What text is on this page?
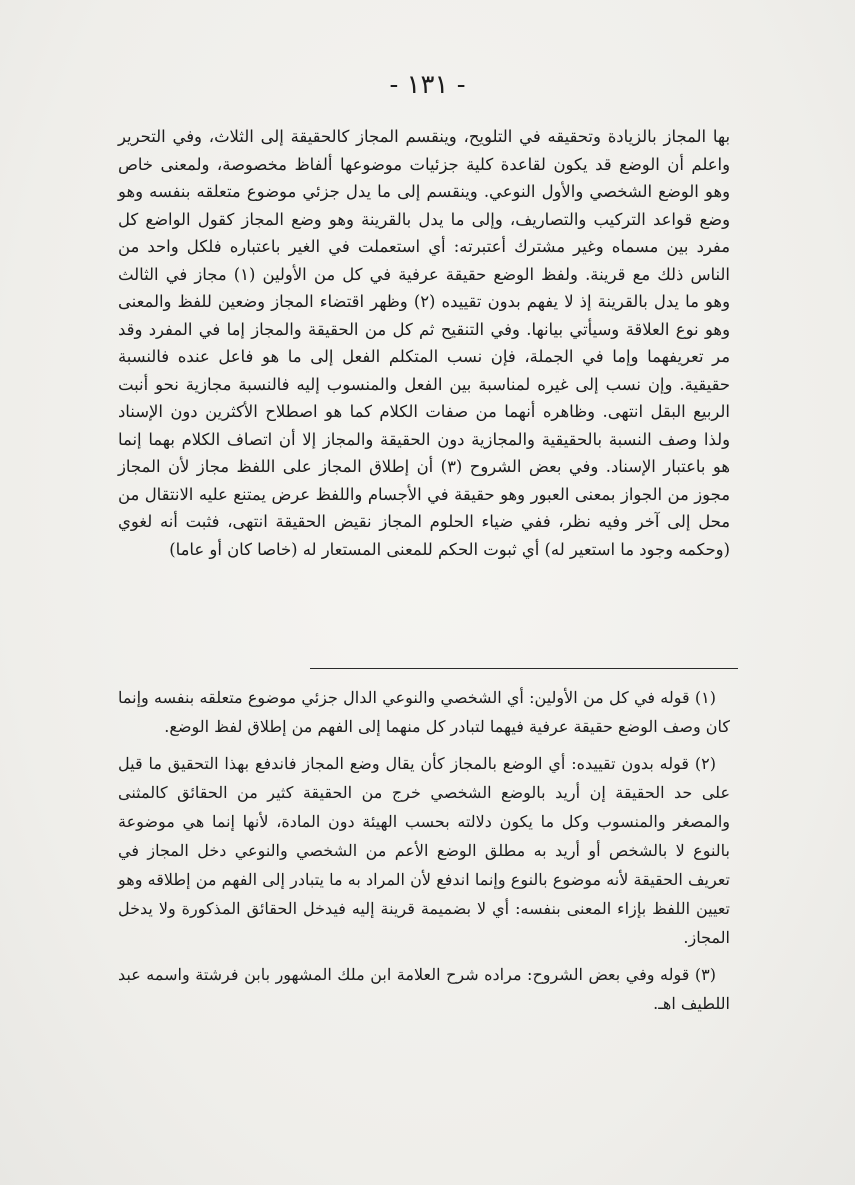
- ١٣١ -

بها المجاز بالزيادة وتحقيقه في التلويح، وينقسم المجاز كالحقيقة إلى الثلاث، وفي التحرير واعلم أن الوضع قد يكون لقاعدة كلية جزئيات موضوعها ألفاظ مخصوصة، ولمعنى خاص وهو الوضع الشخصي والأول النوعي. وينقسم إلى ما يدل جزئي موضوع متعلقه بنفسه وهو وضع قواعد التركيب والتصاريف، وإلى ما يدل بالقرينة وهو وضع المجاز كقول الواضع كل مفرد بين مسماه وغير مشترك أعتبرته: أي استعملت في الغير باعتباره فلكل واحد من الناس ذلك مع قرينة. ولفظ الوضع حقيقة عرفية في كل من الأولين (١) مجاز في الثالث وهو ما يدل بالقرينة إذ لا يفهم بدون تقييده (٢) وظهر اقتضاء المجاز وضعين للفظ والمعنى وهو نوع العلاقة وسيأتي بيانها. وفي التنقيح ثم كل من الحقيقة والمجاز إما في المفرد وقد مر تعريفهما وإما في الجملة، فإن نسب المتكلم الفعل إلى ما هو فاعل عنده فالنسبة حقيقية. وإن نسب إلى غيره لمناسبة بين الفعل والمنسوب إليه فالنسبة مجازية نحو أنبت الربيع البقل انتهى. وظاهره أنهما من صفات الكلام كما هو اصطلاح الأكثرين دون الإسناد ولذا وصف النسبة بالحقيقية والمجازية دون الحقيقة والمجاز إلا أن اتصاف الكلام بهما إنما هو باعتبار الإسناد. وفي بعض الشروح (٣) أن إطلاق المجاز على اللفظ مجاز لأن المجاز مجوز من الجواز بمعنى العبور وهو حقيقة في الأجسام واللفظ عرض يمتنع عليه الانتقال من محل إلى آخر وفيه نظر، ففي ضياء الحلوم المجاز نقيض الحقيقة انتهى، فثبت أنه لغوي (وحكمه وجود ما استعير له) أي ثبوت الحكم للمعنى المستعار له (خاصا كان أو عاما)

(١) قوله في كل من الأولين: أي الشخصي والنوعي الدال جزئي موضوع متعلقه بنفسه وإنما كان وصف الوضع حقيقة عرفية فيهما لتبادر كل منهما إلى الفهم من إطلاق لفظ الوضع.

(٢) قوله بدون تقييده: أي الوضع بالمجاز كأن يقال وضع المجاز فاندفع بهذا التحقيق ما قيل على حد الحقيقة إن أريد بالوضع الشخصي خرج من الحقيقة كثير من الحقائق كالمثنى والمصغر والمنسوب وكل ما يكون دلالته بحسب الهيئة دون المادة، لأنها إنما هي موضوعة بالنوع لا بالشخص أو أريد به مطلق الوضع الأعم من الشخصي والنوعي دخل المجاز في تعريف الحقيقة لأنه موضوع بالنوع وإنما اندفع لأن المراد به ما يتبادر إلى الفهم من إطلاقه وهو تعيين اللفظ بإزاء المعنى بنفسه: أي لا بضميمة قرينة إليه فيدخل الحقائق المذكورة ولا يدخل المجاز.

(٣) قوله وفي بعض الشروح: مراده شرح العلامة ابن ملك المشهور بابن فرشتة واسمه عبد اللطيف اهـ.
